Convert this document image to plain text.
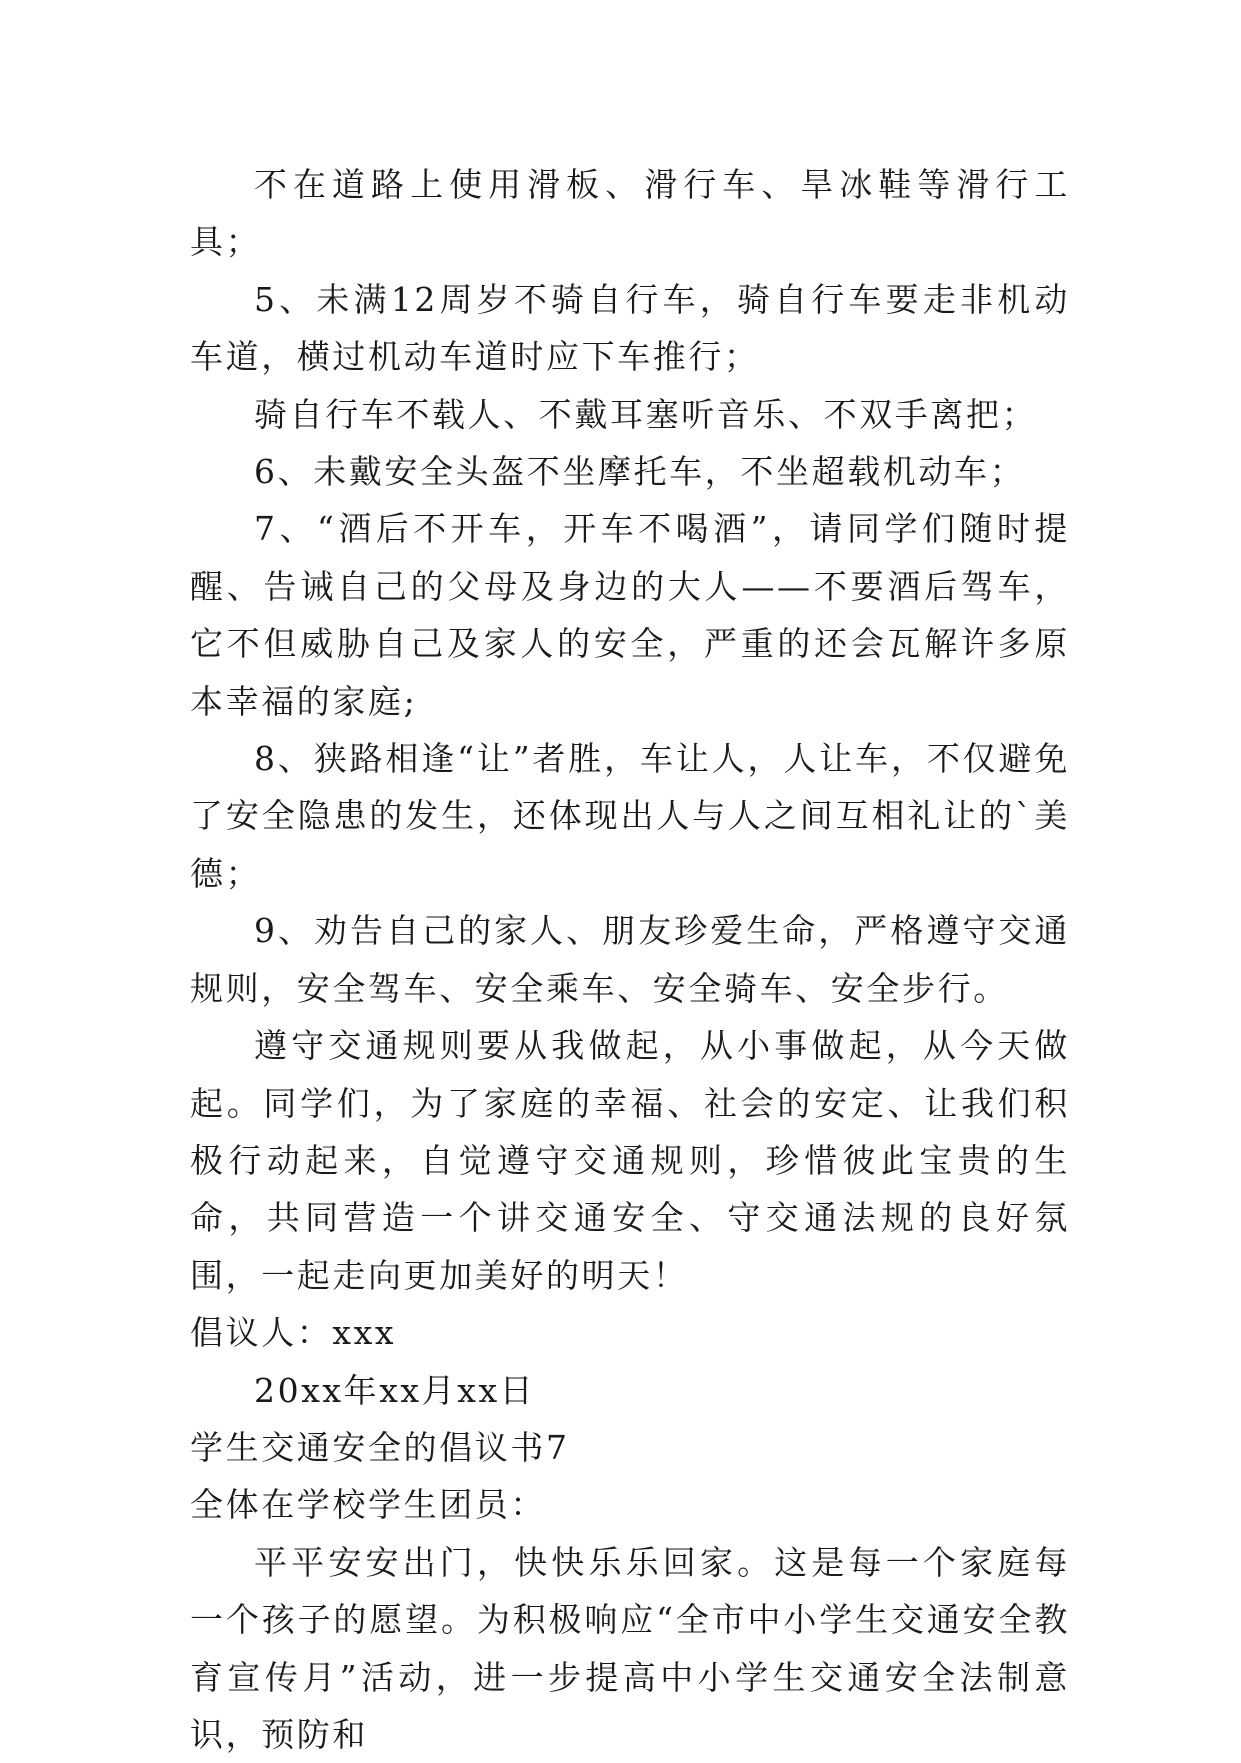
不在道路上使用滑板、滑行车、旱冰鞋等滑行工具；

5、未满12周岁不骑自行车，骑自行车要走非机动车道，横过机动车道时应下车推行；

骑自行车不载人、不戴耳塞听音乐、不双手离把；

6、未戴安全头盔不坐摩托车，不坐超载机动车；

7、“酒后不开车，开车不喝酒”，请同学们随时提醒、告诫自己的父母及身边的大人——不要酒后驾车，它不但威胁自己及家人的安全，严重的还会瓦解许多原本幸福的家庭;

8、狭路相逢“让”者胜，车让人，人让车，不仅避免了安全隐患的发生，还体现出人与人之间互相礼让的`美德；

9、劝告自己的家人、朋友珍爱生命，严格遵守交通规则，安全驾车、安全乘车、安全骑车、安全步行。

遵守交通规则要从我做起，从小事做起，从今天做起。同学们，为了家庭的幸福、社会的安定、让我们积极行动起来，自觉遵守交通规则，珍惜彼此宝贵的生命，共同营造一个讲交通安全、守交通法规的良好氛围，一起走向更加美好的明天！

倡议人：xxx

20xx年xx月xx日

学生交通安全的倡议书7

全体在学校学生团员：

平平安安出门，快快乐乐回家。这是每一个家庭每一个孩子的愿望。为积极响应“全市中小学生交通安全教育宣传月”活动，进一步提高中小学生交通安全法制意识，预防和
